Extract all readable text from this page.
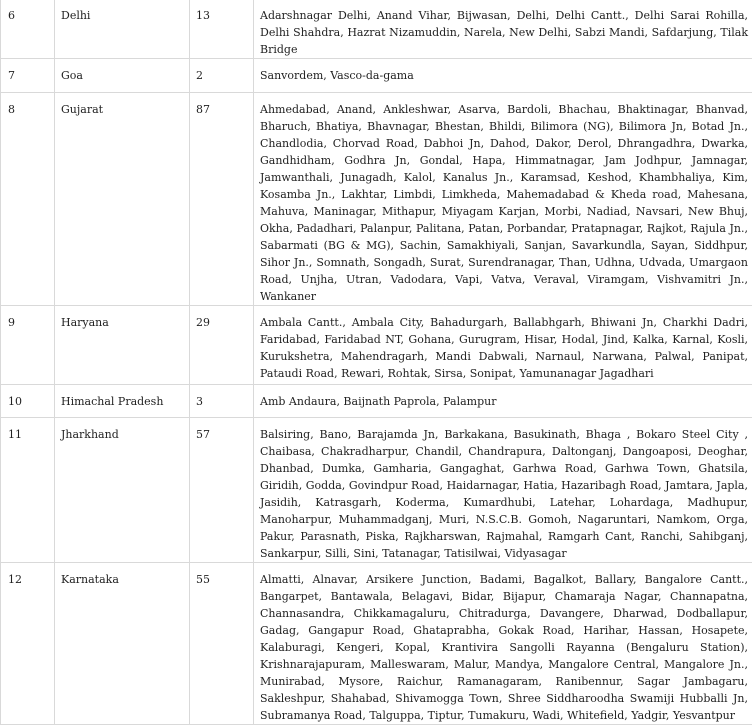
6	Delhi	13	Adarshnagar Delhi, Anand Vihar, Bijwasan, Delhi, Delhi Cantt., Delhi Sarai Rohilla, Delhi Shahdra, Hazrat Nizamuddin, Narela, New Delhi, Sabzi Mandi, Safdarjung, Tilak Bridge
7	Goa	2	Sanvordem, Vasco-da-gama
8	Gujarat	87	Ahmedabad, Anand, Ankleshwar, Asarva, Bardoli, Bhachau, Bhaktinagar, Bhanvad, Bharuch, Bhatiya, Bhavnagar, Bhestan, Bhildi, Bilimora (NG), Bilimora Jn, Botad Jn., Chandlodia, Chorvad Road, Dabhoi Jn, Dahod, Dakor, Derol, Dhrangadhra, Dwarka, Gandhidham, Godhra Jn, Gondal, Hapa, Himmatnagar, Jam Jodhpur, Jamnagar, Jamwanthali, Junagadh, Kalol, Kanalus Jn., Karamsad, Keshod, Khambhaliya, Kim, Kosamba Jn., Lakhtar, Limbdi, Limkheda, Mahemadabad & Kheda road, Mahesana, Mahuva, Maninagar, Mithapur, Miyagam Karjan, Morbi, Nadiad, Navsari, New Bhuj, Okha, Padadhari, Palanpur, Palitana, Patan, Porbandar, Pratapnagar, Rajkot, Rajula Jn., Sabarmati (BG & MG), Sachin, Samakhiyali, Sanjan, Savarkundla, Sayan, Siddhpur, Sihor Jn., Somnath, Songadh, Surat, Surendranagar, Than, Udhna, Udvada, Umargaon Road, Unjha, Utran, Vadodara, Vapi, Vatva, Veraval, Viramgam, Vishvamitri Jn., Wankaner
9	Haryana	29	Ambala Cantt., Ambala City, Bahadurgarh, Ballabhgarh, Bhiwani Jn, Charkhi Dadri, Faridabad, Faridabad NT, Gohana, Gurugram, Hisar, Hodal, Jind, Kalka, Karnal, Kosli, Kurukshetra, Mahendragarh, Mandi Dabwali, Narnaul, Narwana, Palwal, Panipat, Pataudi Road, Rewari, Rohtak, Sirsa, Sonipat, Yamunanagar Jagadhari
10	Himachal Pradesh	3	Amb Andaura, Baijnath Paprola, Palampur
11	Jharkhand	57	Balsiring, Bano, Barajamda Jn, Barkakana, Basukinath, Bhaga , Bokaro Steel City , Chaibasa, Chakradharpur, Chandil, Chandrapura, Daltonganj, Dangoaposi, Deoghar, Dhanbad, Dumka, Gamharia, Gangaghat, Garhwa Road, Garhwa Town, Ghatsila, Giridih, Godda, Govindpur Road, Haidarnagar, Hatia, Hazaribagh Road, Jamtara, Japla, Jasidih, Katrasgarh, Koderma, Kumardhubi, Latehar, Lohardaga, Madhupur, Manoharpur, Muhammadganj, Muri, N.S.C.B. Gomoh, Nagaruntari, Namkom, Orga, Pakur, Parasnath, Piska, Rajkharswan, Rajmahal, Ramgarh Cant, Ranchi, Sahibganj, Sankarpur, Silli, Sini, Tatanagar, Tatisilwai, Vidyasagar
12	Karnataka	55	Almatti, Alnavar, Arsikere Junction, Badami, Bagalkot, Ballary, Bangalore Cantt., Bangarpet, Bantawala, Belagavi, Bidar, Bijapur, Chamaraja Nagar, Channapatna, Channasandra, Chikkamagaluru, Chitradurga, Davangere, Dharwad, Dodballapur, Gadag, Gangapur Road, Ghataprabha, Gokak Road, Harihar, Hassan, Hosapete, Kalaburagi, Kengeri, Kopal, Krantivira Sangolli Rayanna (Bengaluru Station), Krishnarajapuram, Malleswaram, Malur, Mandya, Mangalore Central, Mangalore Jn., Munirabad, Mysore, Raichur, Ramanagaram, Ranibennur, Sagar Jambagaru, Sakleshpur, Shahabad, Shivamogga Town, Shree Siddharoodha Swamiji Hubballi Jn, Subramanya Road, Talguppa, Tiptur, Tumakuru, Wadi, Whitefield, Yadgir, Yesvantpur
